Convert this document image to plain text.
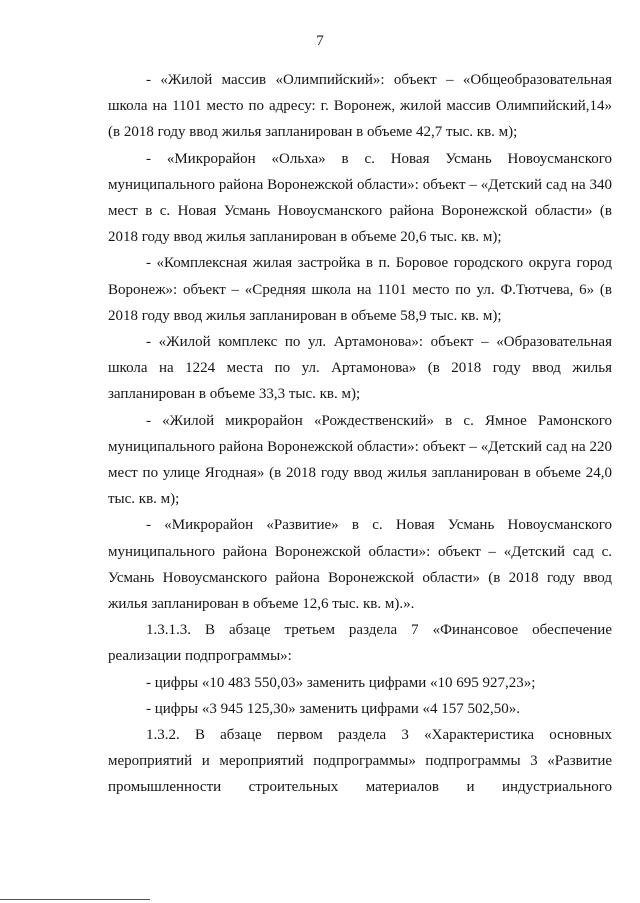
7

- «Жилой массив «Олимпийский»: объект – «Общеобразовательная школа на 1101 место по адресу: г. Воронеж, жилой массив Олимпийский,14» (в 2018 году ввод жилья запланирован в объеме 42,7 тыс. кв. м);

- «Микрорайон «Ольха» в с. Новая Усмань Новоусманского муниципального района Воронежской области»: объект – «Детский сад на 340 мест в с. Новая Усмань Новоусманского района Воронежской области» (в 2018 году ввод жилья запланирован в объеме 20,6 тыс. кв. м);

- «Комплексная жилая застройка в п. Боровое городского округа город Воронеж»: объект – «Средняя школа на 1101 место по ул. Ф.Тютчева, 6» (в 2018 году ввод жилья запланирован в объеме 58,9 тыс. кв. м);

- «Жилой комплекс по ул. Артамонова»: объект – «Образовательная школа на 1224 места по ул. Артамонова» (в 2018 году ввод жилья запланирован в объеме 33,3 тыс. кв. м);

- «Жилой микрорайон «Рождественский» в с. Ямное Рамонского муниципального района Воронежской области»: объект – «Детский сад на 220 мест по улице Ягодная» (в 2018 году ввод жилья запланирован в объеме 24,0 тыс. кв. м);

- «Микрорайон «Развитие» в с. Новая Усмань Новоусманского муниципального района Воронежской области»: объект – «Детский сад с. Усмань Новоусманского района Воронежской области» (в 2018 году ввод жилья запланирован в объеме 12,6 тыс. кв. м).».

1.3.1.3. В абзаце третьем раздела 7 «Финансовое обеспечение реализации подпрограммы»:

- цифры «10 483 550,03» заменить цифрами «10 695 927,23»;

- цифры «3 945 125,30» заменить цифрами «4 157 502,50».

1.3.2. В абзаце первом раздела 3 «Характеристика основных мероприятий и мероприятий подпрограммы» подпрограммы 3 «Развитие промышленности строительных материалов и индустриального
